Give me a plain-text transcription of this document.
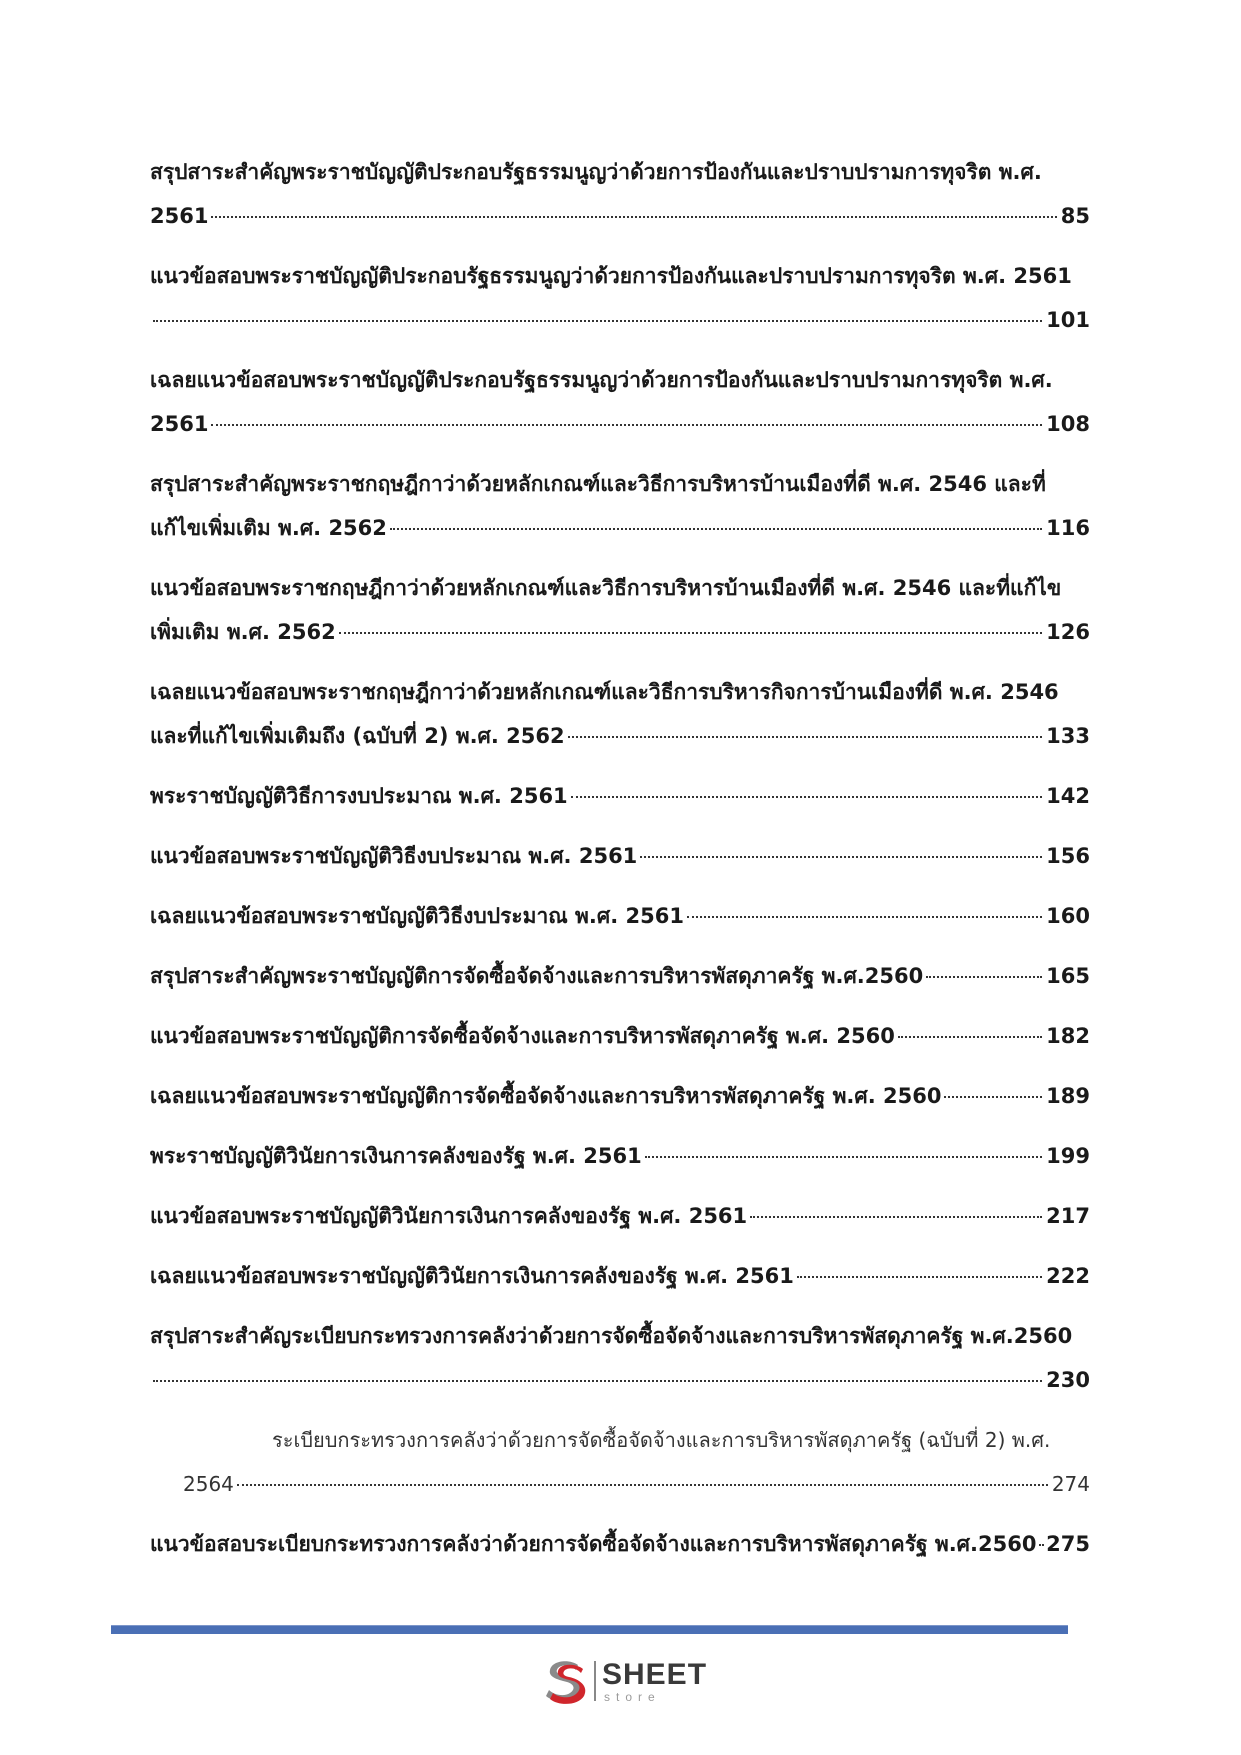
สรุปสาระสำคัญพระราชบัญญัติประกอบรัฐธรรมนูญว่าด้วยการป้องกันและปราบปรามการทุจริต พ.ศ.
2561	85
แนวข้อสอบพระราชบัญญัติประกอบรัฐธรรมนูญว่าด้วยการป้องกันและปราบปรามการทุจริต พ.ศ. 2561
101
เฉลยแนวข้อสอบพระราชบัญญัติประกอบรัฐธรรมนูญว่าด้วยการป้องกันและปราบปรามการทุจริต พ.ศ.
2561	108
สรุปสาระสำคัญพระราชกฤษฎีกาว่าด้วยหลักเกณฑ์และวิธีการบริหารบ้านเมืองที่ดี พ.ศ. 2546 และที่
แก้ไขเพิ่มเติม พ.ศ. 2562	116
แนวข้อสอบพระราชกฤษฎีกาว่าด้วยหลักเกณฑ์และวิธีการบริหารบ้านเมืองที่ดี พ.ศ. 2546 และที่แก้ไข
เพิ่มเติม พ.ศ. 2562	126
เฉลยแนวข้อสอบพระราชกฤษฎีกาว่าด้วยหลักเกณฑ์และวิธีการบริหารกิจการบ้านเมืองที่ดี พ.ศ. 2546
และที่แก้ไขเพิ่มเติมถึง (ฉบับที่ 2) พ.ศ. 2562	133
พระราชบัญญัติวิธีการงบประมาณ พ.ศ. 2561	142
แนวข้อสอบพระราชบัญญัติวิธีงบประมาณ พ.ศ. 2561	156
เฉลยแนวข้อสอบพระราชบัญญัติวิธีงบประมาณ พ.ศ. 2561	160
สรุปสาระสำคัญพระราชบัญญัติการจัดซื้อจัดจ้างและการบริหารพัสดุภาครัฐ พ.ศ.2560	165
แนวข้อสอบพระราชบัญญัติการจัดซื้อจัดจ้างและการบริหารพัสดุภาครัฐ พ.ศ. 2560	182
เฉลยแนวข้อสอบพระราชบัญญัติการจัดซื้อจัดจ้างและการบริหารพัสดุภาครัฐ พ.ศ. 2560	189
พระราชบัญญัติวินัยการเงินการคลังของรัฐ พ.ศ. 2561	199
แนวข้อสอบพระราชบัญญัติวินัยการเงินการคลังของรัฐ พ.ศ. 2561	217
เฉลยแนวข้อสอบพระราชบัญญัติวินัยการเงินการคลังของรัฐ พ.ศ. 2561	222
สรุปสาระสำคัญระเบียบกระทรวงการคลังว่าด้วยการจัดซื้อจัดจ้างและการบริหารพัสดุภาครัฐ พ.ศ.2560
230
ระเบียบกระทรวงการคลังว่าด้วยการจัดซื้อจัดจ้างและการบริหารพัสดุภาครัฐ (ฉบับที่ 2) พ.ศ.
2564	274
แนวข้อสอบระเบียบกระทรวงการคลังว่าด้วยการจัดซื้อจัดจ้างและการบริหารพัสดุภาครัฐ พ.ศ.2560 275
SHEET
store
